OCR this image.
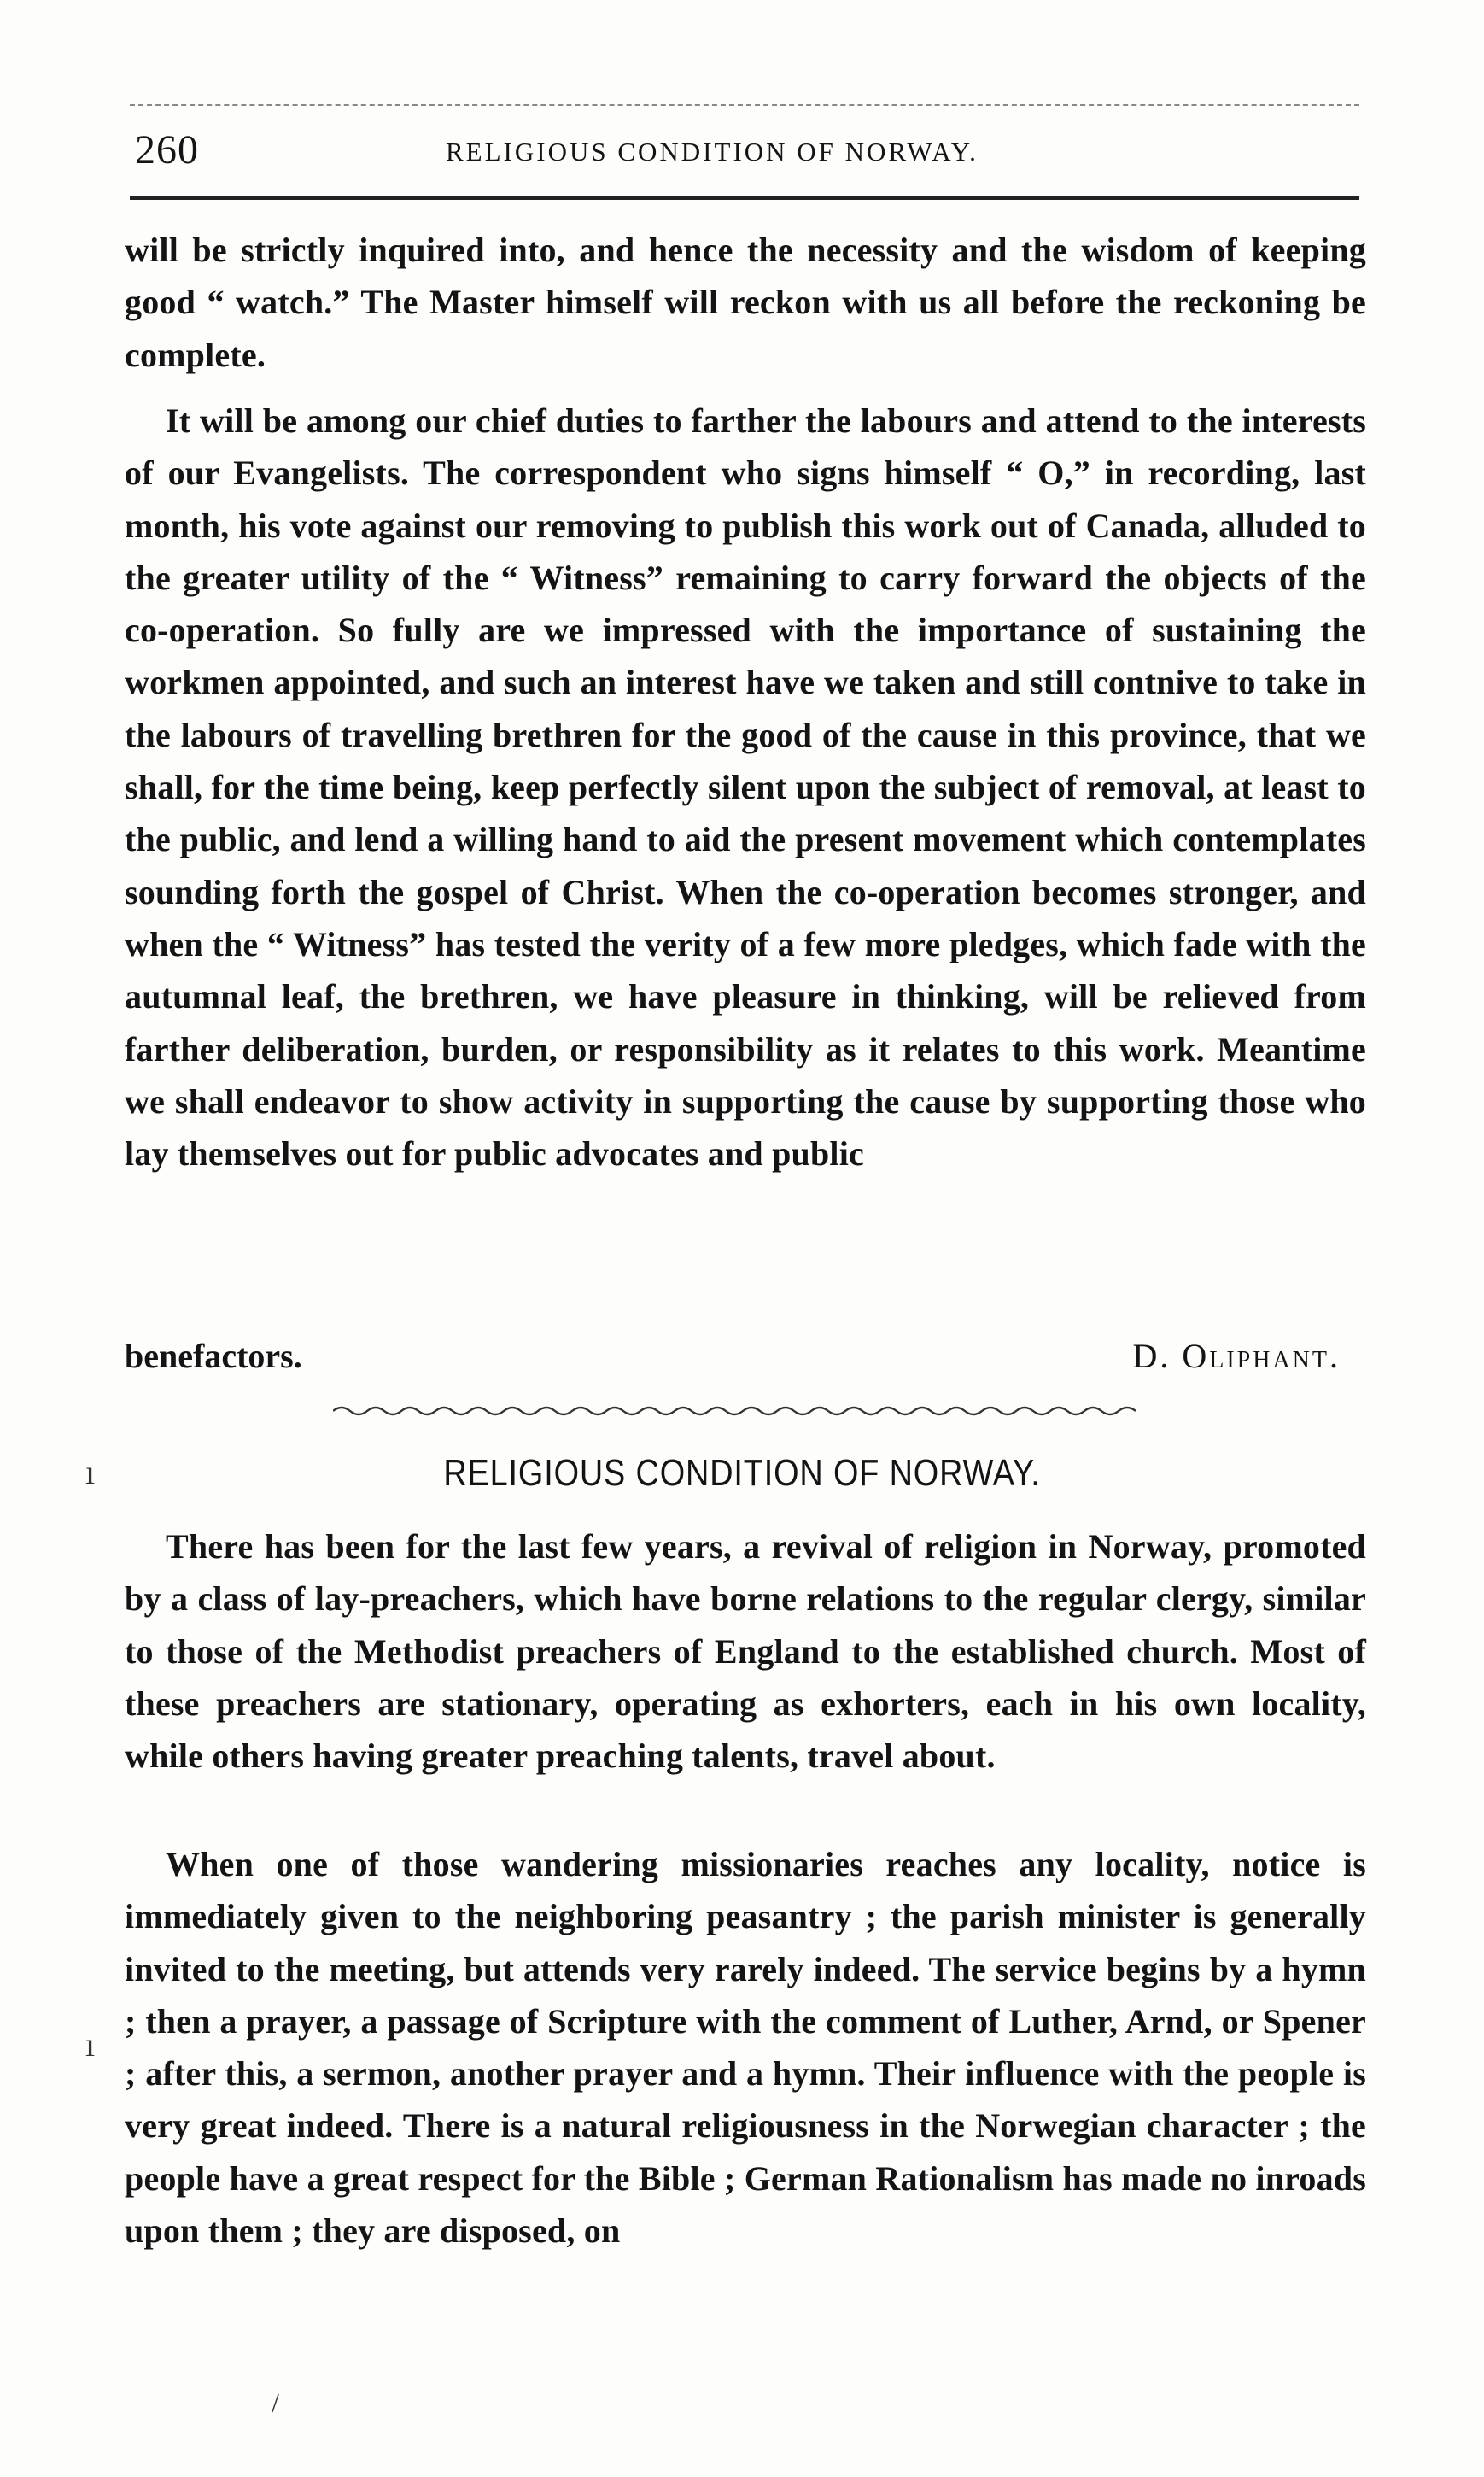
260	RELIGIOUS CONDITION OF NORWAY.

will be strictly inquired into, and hence the necessity and the wisdom of keeping good “ watch.” The Master himself will reckon with us all before the reckoning be complete.

It will be among our chief duties to farther the labours and attend to the interests of our Evangelists. The correspondent who signs himself “ O,” in recording, last month, his vote against our removing to publish this work out of Canada, alluded to the greater utility of the “ Witness” remaining to carry forward the objects of the co-operation. So fully are we impressed with the importance of sustaining the workmen appointed, and such an interest have we taken and still contnive to take in the labours of travelling brethren for the good of the cause in this province, that we shall, for the time being, keep perfectly silent upon the subject of removal, at least to the public, and lend a willing hand to aid the present movement which contemplates sounding forth the gospel of Christ. When the co-operation becomes stronger, and when the “ Witness” has tested the verity of a few more pledges, which fade with the autumnal leaf, the brethren, we have pleasure in thinking, will be relieved from farther deliberation, burden, or responsibility as it relates to this work. Meantime we shall endeavor to show activity in supporting the cause by supporting those who lay themselves out for public advocates and public

benefactors.	D. Oliphant.
RELIGIOUS CONDITION OF NORWAY.

There has been for the last few years, a revival of religion in Norway, promoted by a class of lay-preachers, which have borne relations to the regular clergy, similar to those of the Methodist preachers of England to the established church. Most of these preachers are stationary, operating as exhorters, each in his own locality, while others having greater preaching talents, travel about.

When one of those wandering missionaries reaches any locality, notice is immediately given to the neighboring peasantry ; the parish minister is generally invited to the meeting, but attends very rarely indeed. The service begins by a hymn ; then a prayer, a passage of Scripture with the comment of Luther, Arnd, or Spener ; after this, a sermon, another prayer and a hymn. Their influence with the people is very great indeed. There is a natural religiousness in the Norwegian character ; the people have a great respect for the Bible ; German Rationalism has made no inroads upon them ; they are disposed, on

ı
ı
/
